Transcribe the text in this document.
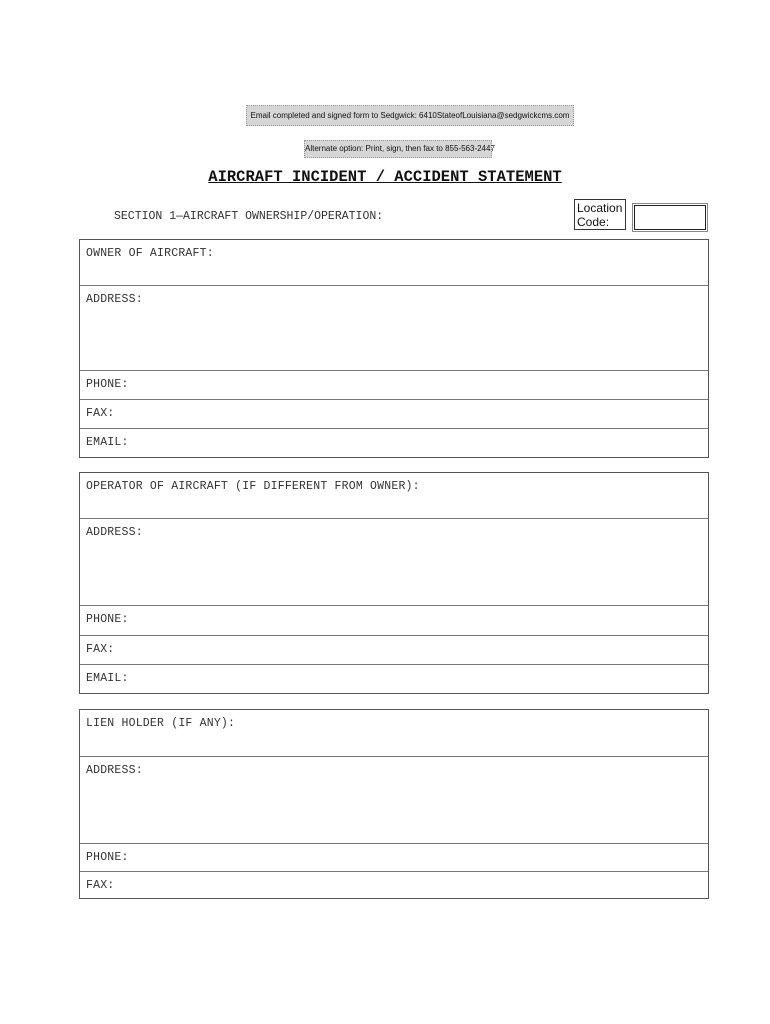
Email completed and signed form to Sedgwick: 6410StateofLouisiana@sedgwickcms.com
Alternate option: Print, sign, then fax to 855-563-2447
AIRCRAFT INCIDENT / ACCIDENT STATEMENT
SECTION 1—AIRCRAFT OWNERSHIP/OPERATION:
Location Code:
OWNER OF AIRCRAFT:
ADDRESS:
PHONE:
FAX:
EMAIL:
OPERATOR OF AIRCRAFT (IF DIFFERENT FROM OWNER):
ADDRESS:
PHONE:
FAX:
EMAIL:
LIEN HOLDER (IF ANY):
ADDRESS:
PHONE:
FAX:
